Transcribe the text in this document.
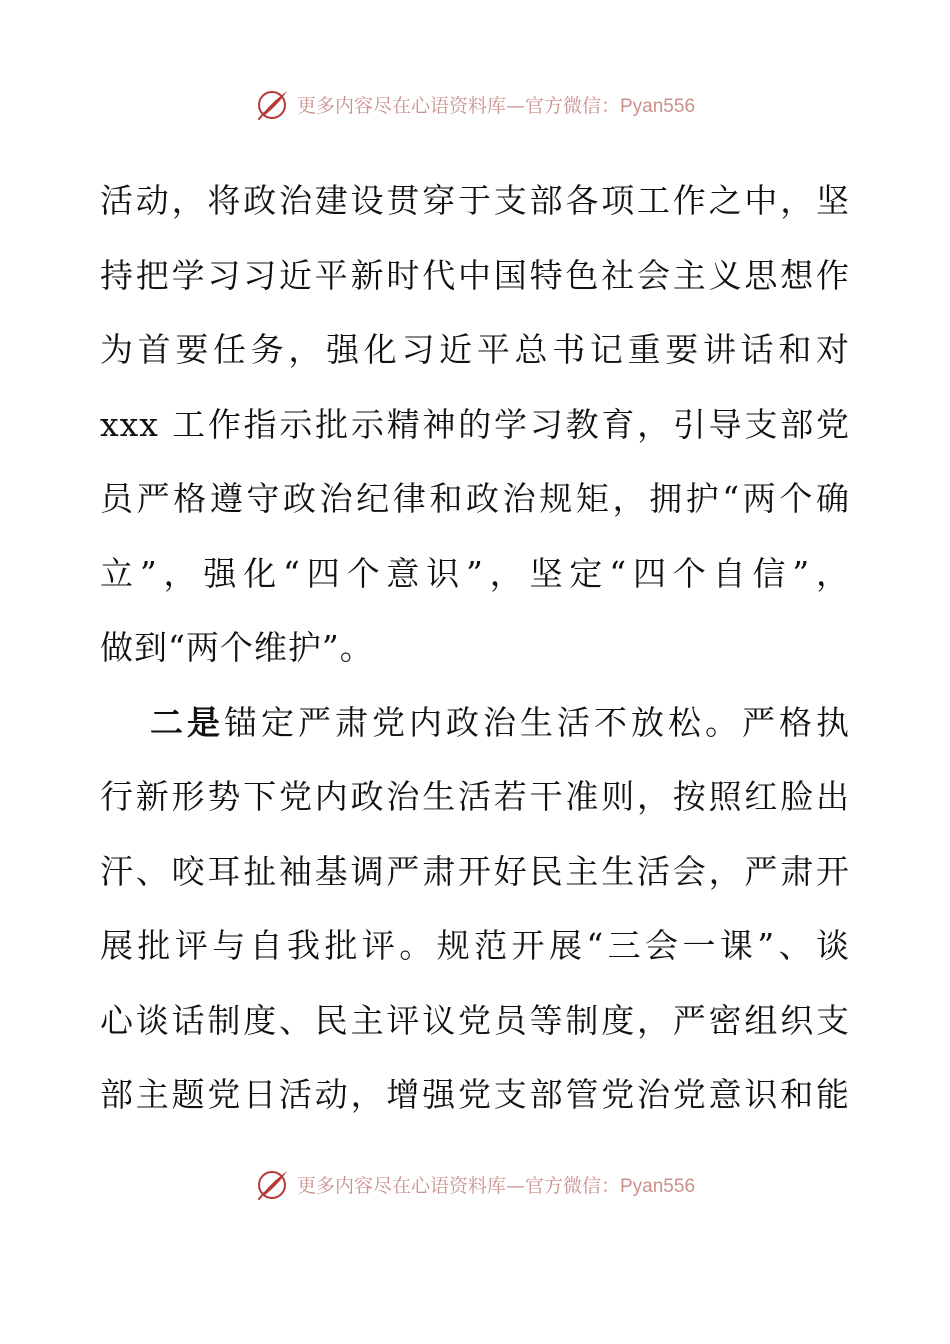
更多内容尽在心语资料库—官方微信：Pyan556
活动，将政治建设贯穿于支部各项工作之中，坚
持把学习习近平新时代中国特色社会主义思想作
为首要任务，强化习近平总书记重要讲话和对
xxx 工作指示批示精神的学习教育，引导支部党
员严格遵守政治纪律和政治规矩，拥护“两个确
立”，强化“四个意识”，坚定“四个自信”，
做到“两个维护”。
二是锚定严肃党内政治生活不放松。严格执
行新形势下党内政治生活若干准则，按照红脸出
汗、咬耳扯袖基调严肃开好民主生活会，严肃开
展批评与自我批评。规范开展“三会一课”、谈
心谈话制度、民主评议党员等制度，严密组织支
部主题党日活动，增强党支部管党治党意识和能
更多内容尽在心语资料库—官方微信：Pyan556
